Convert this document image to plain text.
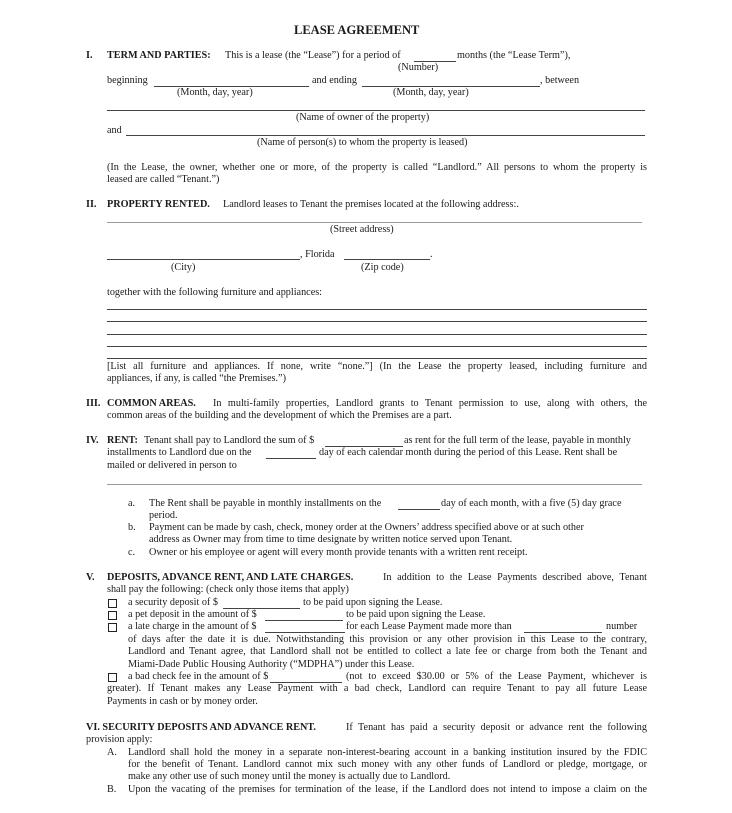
LEASE AGREEMENT
I. TERM AND PARTIES: This is a lease (the “Lease”) for a period of	months (the “Lease Term”),
(Number)
beginning	and ending	, between
(Month, day, year)	(Month, day, year)
(Name of owner of the property)
and
(Name of person(s) to whom the property is leased)
(In the Lease, the owner, whether one or more, of the property is called “Landlord.” All persons to whom the property is
leased are called “Tenant.”)
II. PROPERTY RENTED. Landlord leases to Tenant the premises located at the following address:.
(Street address)
, Florida	.
(City)	(Zip code)
together with the following furniture and appliances:
[List all furniture and appliances. If none, write “none.”] (In the Lease the property leased, including furniture and
appliances, if any, is called “the Premises.”)
III. COMMON AREAS. In multi-family properties, Landlord grants to Tenant permission to use, along with others, the
common areas of the building and the development of which the Premises are a part.
IV. RENT: Tenant shall pay to Landlord the sum of $	as rent for the full term of the lease, payable in monthly
installments to Landlord due on the	day of each calendar month during the period of this Lease. Rent shall be
mailed or delivered in person to
a. The Rent shall be payable in monthly installments on the	day of each month, with a five (5) day grace
period.
b. Payment can be made by cash, check, money order at the Owners’ address specified above or at such other
address as Owner may from time to time designate by written notice served upon Tenant.
c. Owner or his employee or agent will every month provide tenants with a written rent receipt.
V. DEPOSITS, ADVANCE RENT, AND LATE CHARGES.	In addition to the Lease Payments described above, Tenant
shall pay the following: (check only those items that apply)
a security deposit of $	to be paid upon signing the Lease.
a pet deposit in the amount of $	to be paid upon signing the Lease.
a late charge in the amount of $	for each Lease Payment made more than	number
of days after the date it is due. Notwithstanding this provision or any other provision in this Lease to the contrary,
Landlord and Tenant agree, that Landlord shall not be entitled to collect a late fee or charge from both the Tenant and
Miami-Dade Public Housing Authority (“MDPHA”) under this Lease.
a bad check fee in the amount of $	(not to exceed $30.00 or 5% of the Lease Payment, whichever is
greater). If Tenant makes any Lease Payment with a bad check, Landlord can require Tenant to pay all future Lease
Payments in cash or by money order.
VI. SECURITY DEPOSITS AND ADVANCE RENT.	If Tenant has paid a security deposit or advance rent the following
provision apply:
A. Landlord shall hold the money in a separate non-interest-bearing account in a banking institution insured by the FDIC
for the benefit of Tenant. Landlord cannot mix such money with any other funds of Landlord or pledge, mortgage, or
make any other use of such money until the money is actually due to Landlord.
B. Upon the vacating of the premises for termination of the lease, if the Landlord does not intend to impose a claim on the
